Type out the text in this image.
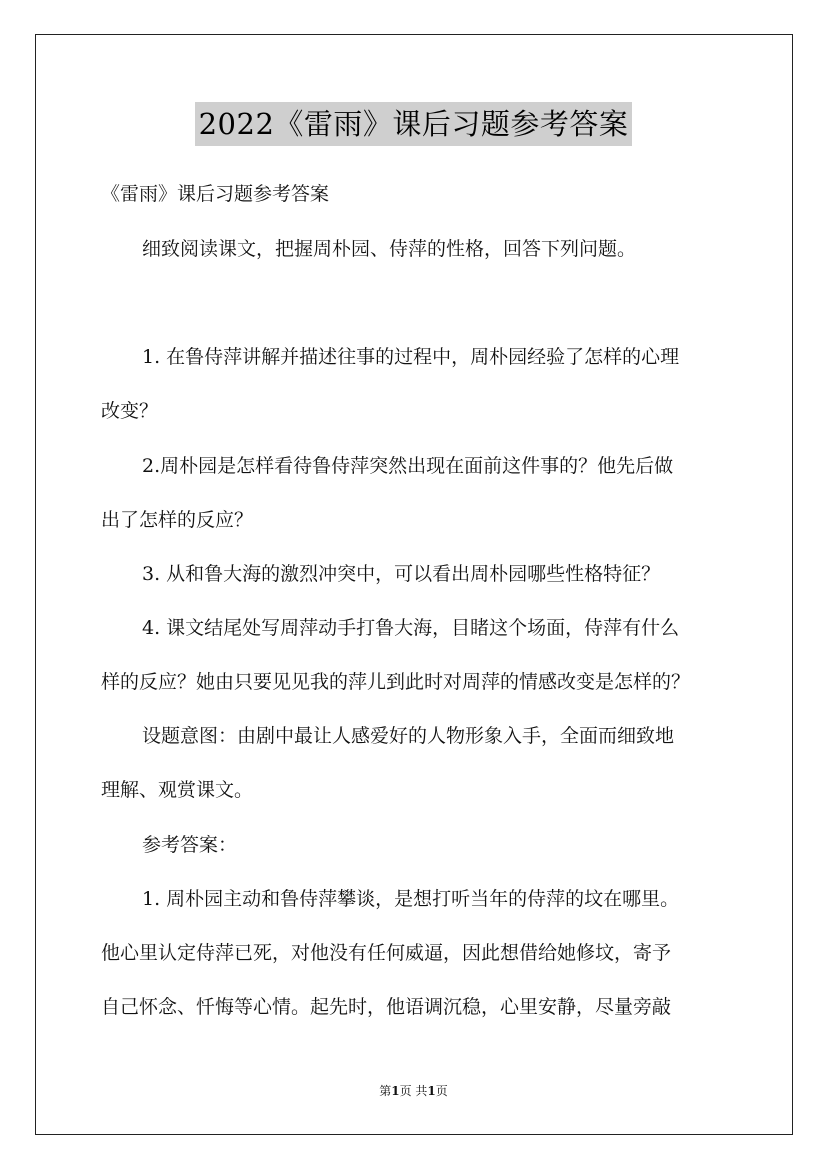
2022《雷雨》课后习题参考答案
《雷雨》课后习题参考答案
细致阅读课文，把握周朴园、侍萍的性格，回答下列问题。
1. 在鲁侍萍讲解并描述往事的过程中，周朴园经验了怎样的心理
改变？
2.周朴园是怎样看待鲁侍萍突然出现在面前这件事的？他先后做
出了怎样的反应？
3. 从和鲁大海的激烈冲突中，可以看出周朴园哪些性格特征？
4. 课文结尾处写周萍动手打鲁大海，目睹这个场面，侍萍有什么
样的反应？她由只要见见我的萍儿到此时对周萍的情感改变是怎样的？
设题意图：由剧中最让人感爱好的人物形象入手，全面而细致地
理解、观赏课文。
参考答案：
1. 周朴园主动和鲁侍萍攀谈，是想打听当年的侍萍的坟在哪里。
他心里认定侍萍已死，对他没有任何威逼，因此想借给她修坟，寄予
自己怀念、忏悔等心情。起先时，他语调沉稳，心里安静，尽量旁敲
第1页 共1页
